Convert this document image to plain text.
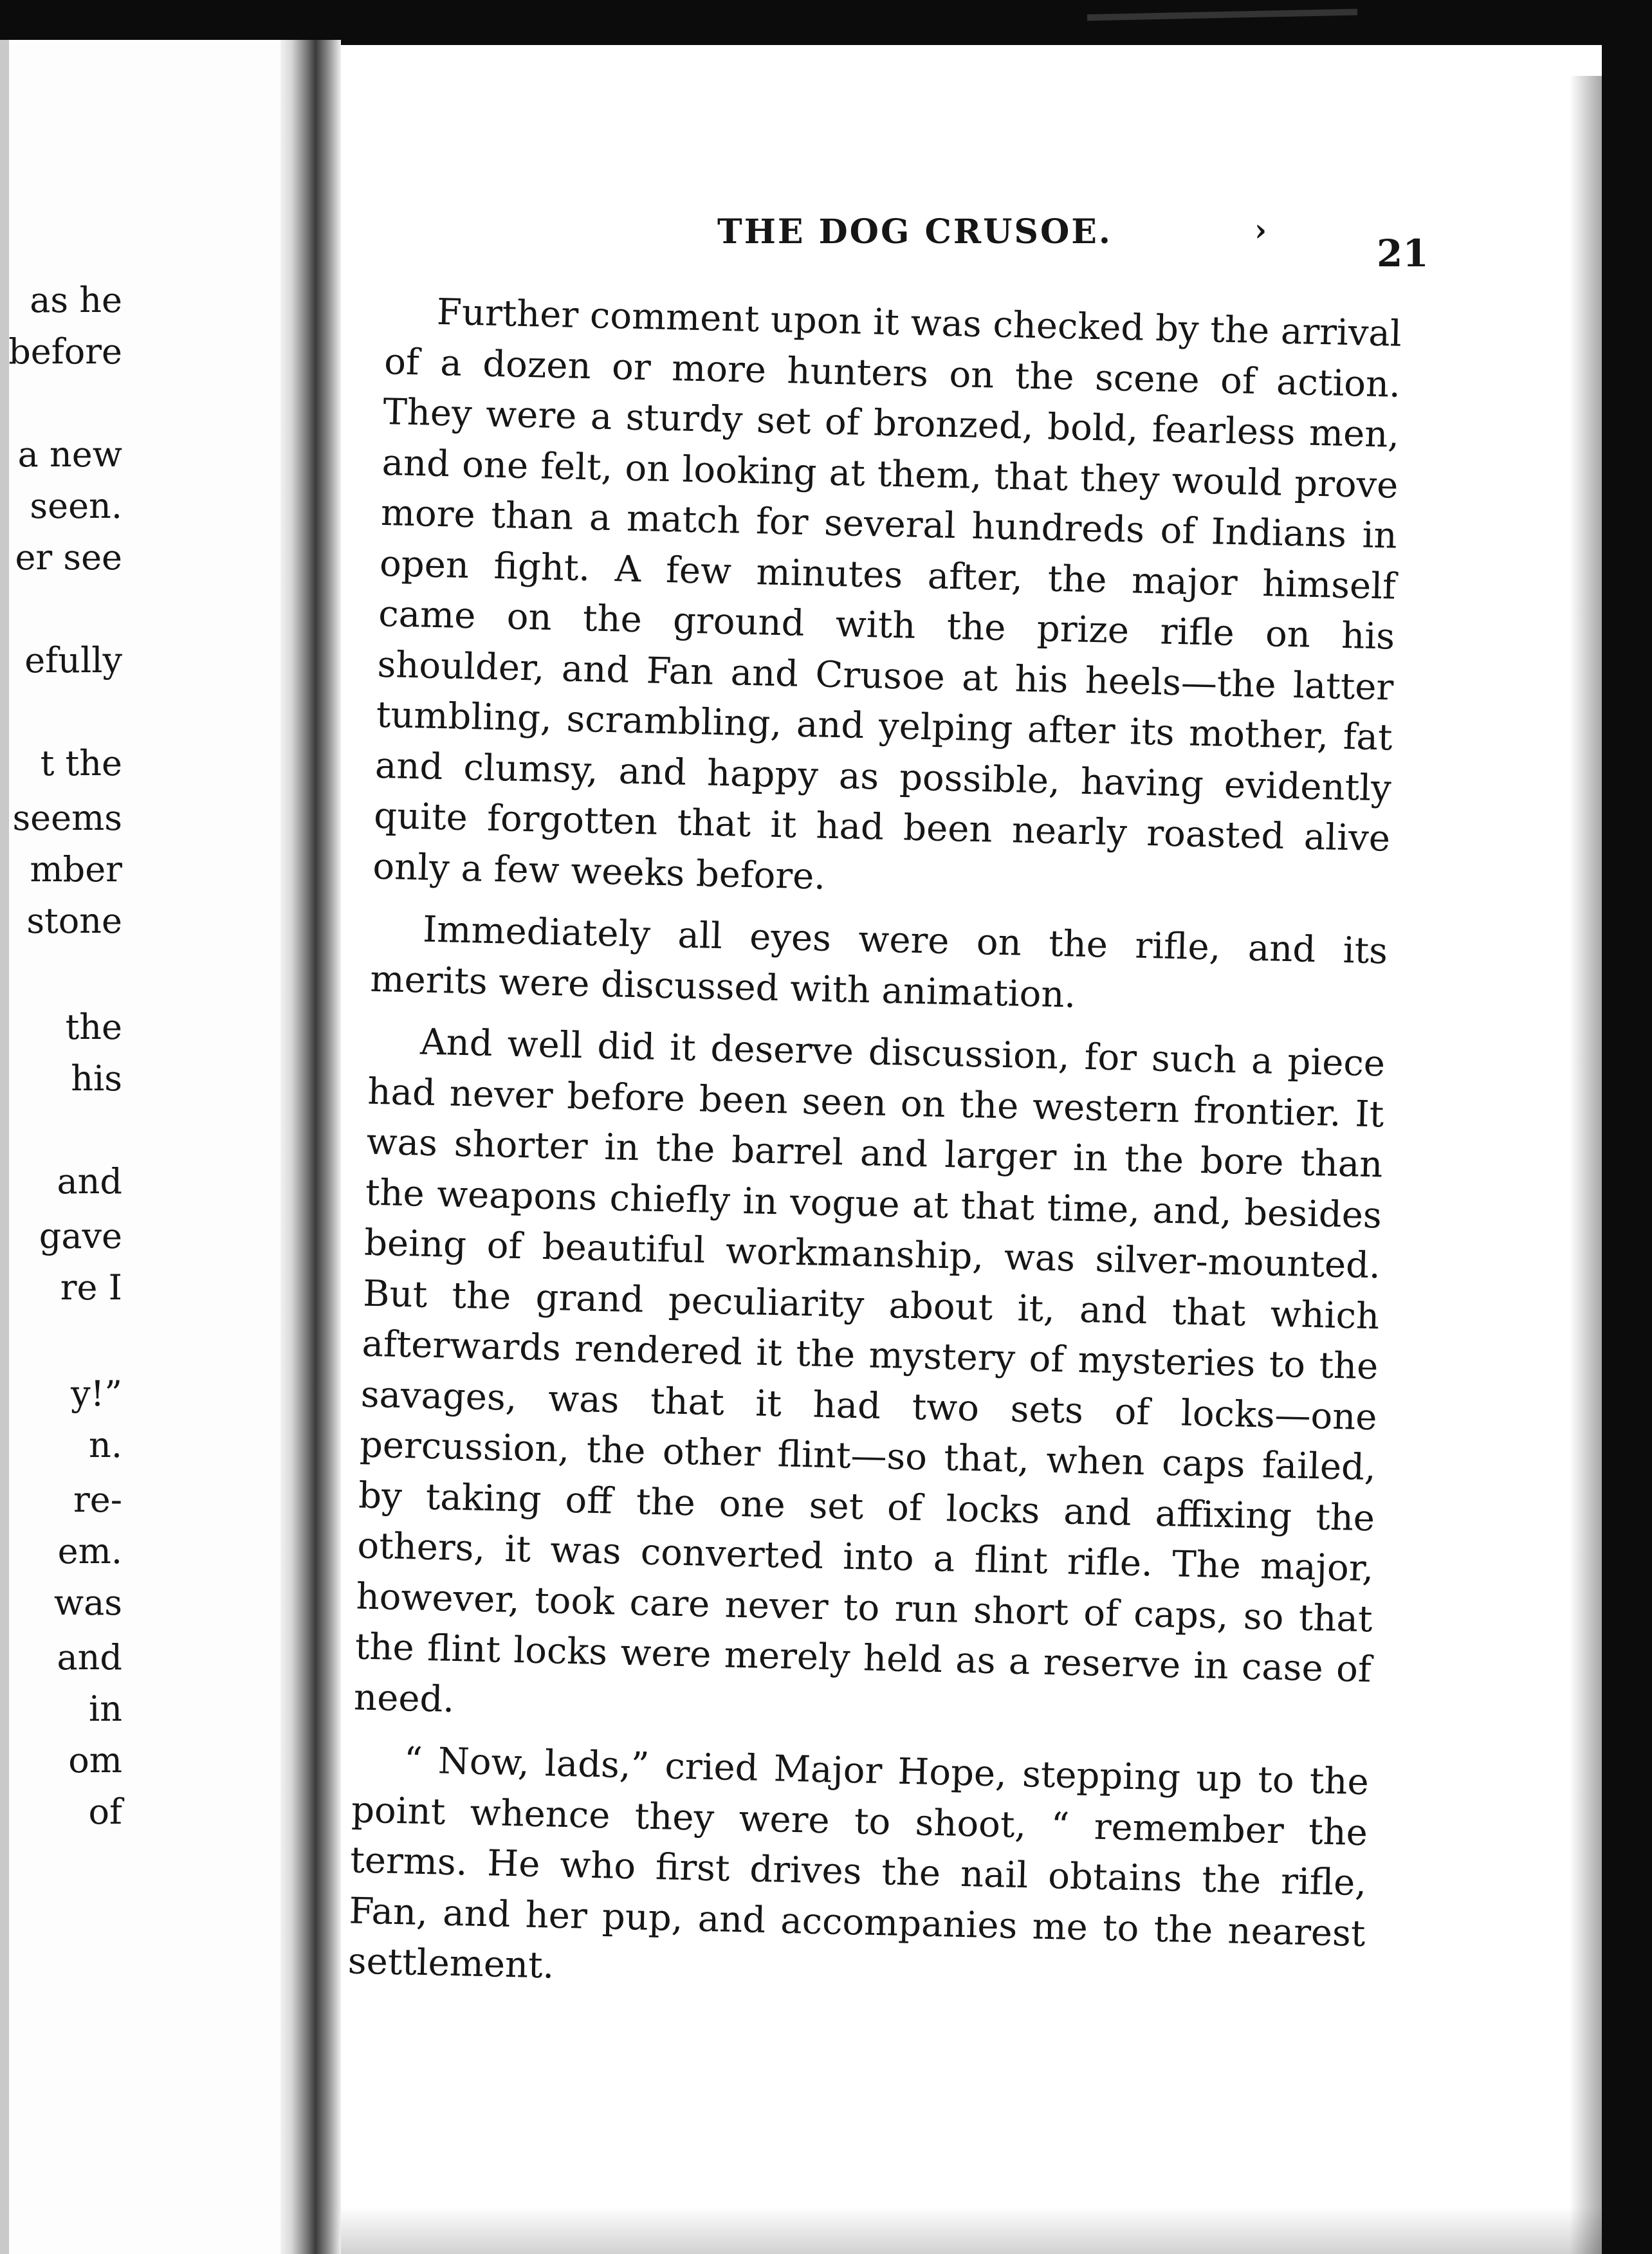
as he
before
a new
seen.
er see
efully
t the
seems
mber
stone
the
his
and
gave
re I
y!”
n.
re-
em.
was
and
in
om
of
THE DOG CRUSOE.	›
21

Further comment upon it was checked by the arrival of a dozen or more hunters on the scene of action. They were a sturdy set of bronzed, bold, fearless men, and one felt, on looking at them, that they would prove more than a match for several hundreds of Indians in open fight. A few minutes after, the major himself came on the ground with the prize rifle on his shoulder, and Fan and Crusoe at his heels—the latter tumbling, scrambling, and yelping after its mother, fat and clumsy, and happy as possible, having evidently quite forgotten that it had been nearly roasted alive only a few weeks before.

Immediately all eyes were on the rifle, and its merits were discussed with animation.

And well did it deserve discussion, for such a piece had never before been seen on the western frontier. It was shorter in the barrel and larger in the bore than the weapons chiefly in vogue at that time, and, besides being of beautiful workmanship, was silver-mounted. But the grand peculiarity about it, and that which afterwards rendered it the mystery of mysteries to the savages, was that it had two sets of locks—one percussion, the other flint—so that, when caps failed, by taking off the one set of locks and affixing the others, it was converted into a flint rifle. The major, however, took care never to run short of caps, so that the flint locks were merely held as a reserve in case of need.

“ Now, lads,” cried Major Hope, stepping up to the point whence they were to shoot, “ remember the terms. He who first drives the nail obtains the rifle, Fan, and her pup, and accompanies me to the nearest settlement.
